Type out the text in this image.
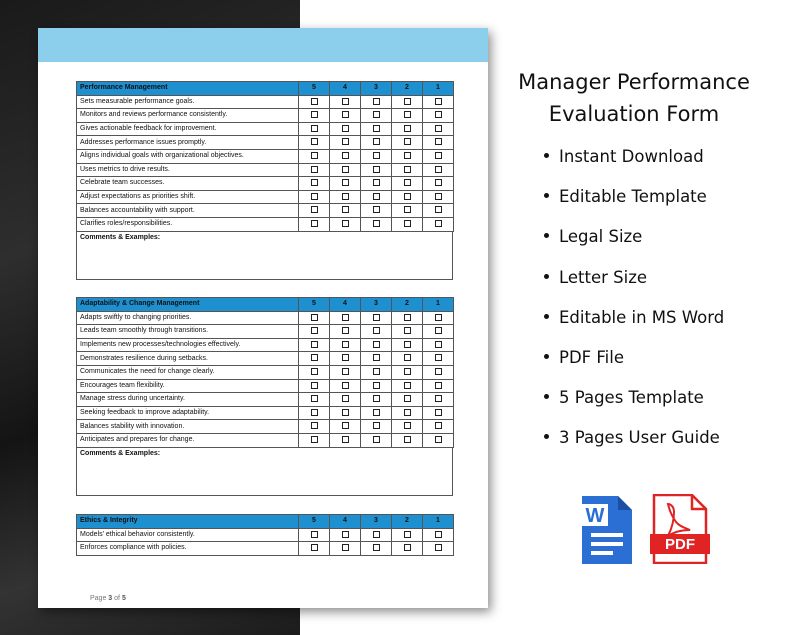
Performance Management	5	4	3	2	1
Sets measurable performance goals.					
Monitors and reviews performance consistently.					
Gives actionable feedback for improvement.					
Addresses performance issues promptly.					
Aligns individual goals with organizational objectives.					
Uses metrics to drive results.					
Celebrate team successes.					
Adjust expectations as priorities shift.					
Balances accountability with support.					
Clarifies roles/responsibilities.					
Comments & Examples:
Adaptability & Change Management	5	4	3	2	1
Adapts swiftly to changing priorities.					
Leads team smoothly through transitions.					
Implements new processes/technologies effectively.					
Demonstrates resilience during setbacks.					
Communicates the need for change clearly.					
Encourages team flexibility.					
Manage stress during uncertainty.					
Seeking feedback to improve adaptability.					
Balances stability with innovation.					
Anticipates and prepares for change.					
Comments & Examples:
Ethics & Integrity	5	4	3	2	1
Models' ethical behavior consistently.					
Enforces compliance with policies.					
Page 3 of 5
Manager Performance
Evaluation Form
Instant Download
Editable Template
Legal Size
Letter Size
Editable in MS Word
PDF File
5 Pages Template
3 Pages User Guide
W
PDF
